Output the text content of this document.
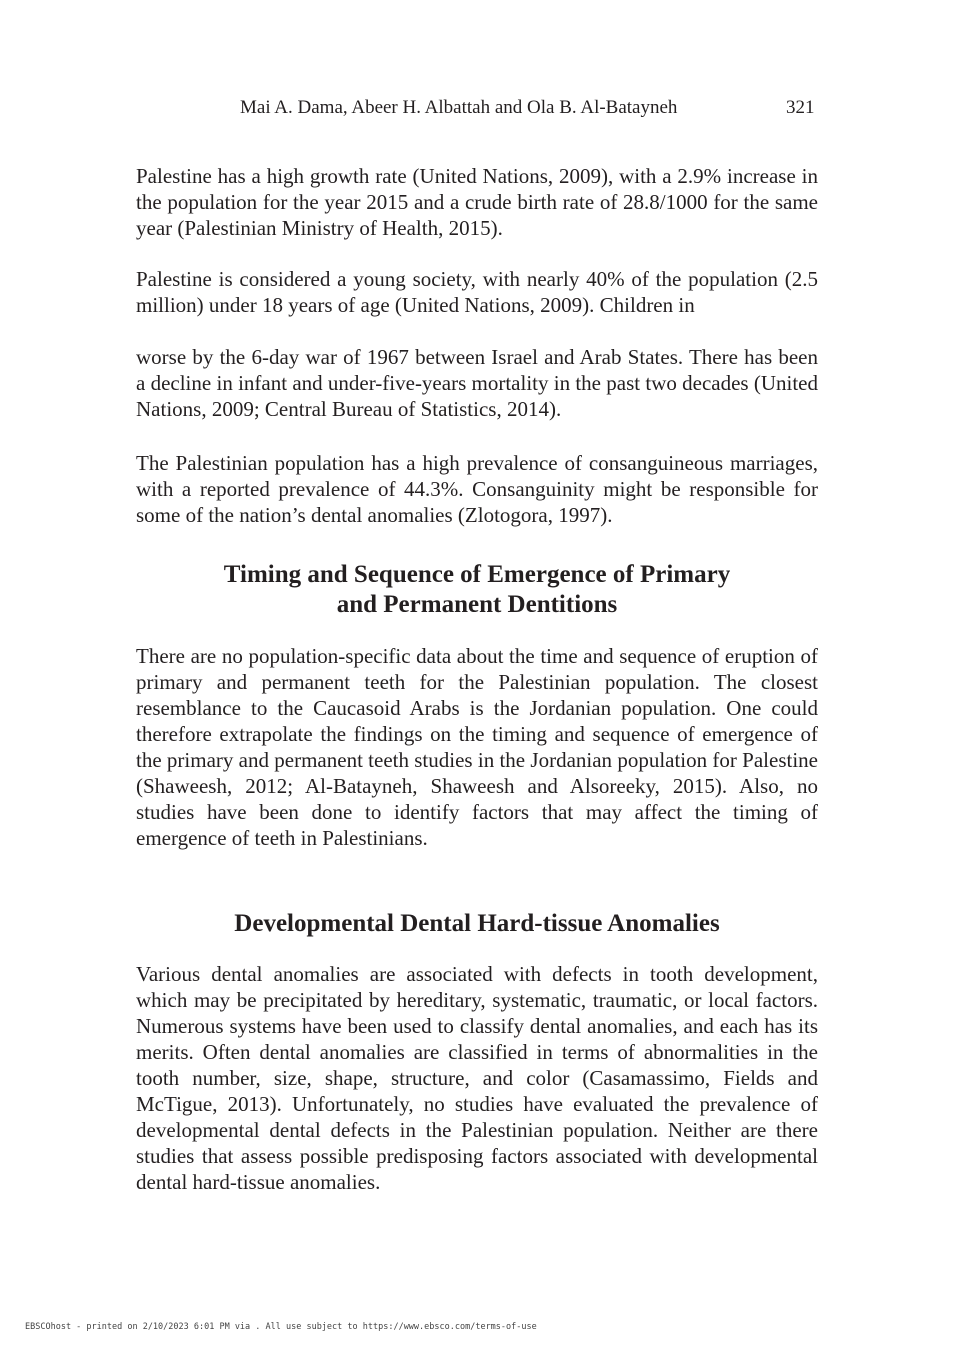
Mai A. Dama, Abeer H. Albattah and Ola B. Al-Batayneh	321

Palestine has a high growth rate (United Nations, 2009), with a 2.9% increase in the population for the year 2015 and a crude birth rate of 28.8/1000 for the same year (Palestinian Ministry of Health, 2015).

Palestine is considered a young society, with nearly 40% of the population (2.5 million) under 18 years of age (United Nations, 2009). Children in

worse by the 6-day war of 1967 between Israel and Arab States. There has been a decline in infant and under-five-years mortality in the past two decades (United Nations, 2009; Central Bureau of Statistics, 2014).

The Palestinian population has a high prevalence of consanguineous marriages, with a reported prevalence of 44.3%. Consanguinity might be responsible for some of the nation’s dental anomalies (Zlotogora, 1997).

Timing and Sequence of Emergence of Primary
and Permanent Dentitions

There are no population-specific data about the time and sequence of eruption of primary and permanent teeth for the Palestinian population. The closest resemblance to the Caucasoid Arabs is the Jordanian population. One could therefore extrapolate the findings on the timing and sequence of emergence of the primary and permanent teeth studies in the Jordanian population for Palestine (Shaweesh, 2012; Al-Batayneh, Shaweesh and Alsoreeky, 2015). Also, no studies have been done to identify factors that may affect the timing of emergence of teeth in Palestinians.

Developmental Dental Hard-tissue Anomalies

Various dental anomalies are associated with defects in tooth development, which may be precipitated by hereditary, systematic, traumatic, or local factors. Numerous systems have been used to classify dental anomalies, and each has its merits. Often dental anomalies are classified in terms of abnormalities in the tooth number, size, shape, structure, and color (Casamassimo, Fields and McTigue, 2013). Unfortunately, no studies have evaluated the prevalence of developmental dental defects in the Palestinian population. Neither are there studies that assess possible predisposing factors associated with developmental dental hard-tissue anomalies.

EBSCOhost - printed on 2/10/2023 6:01 PM via . All use subject to https://www.ebsco.com/terms-of-use
